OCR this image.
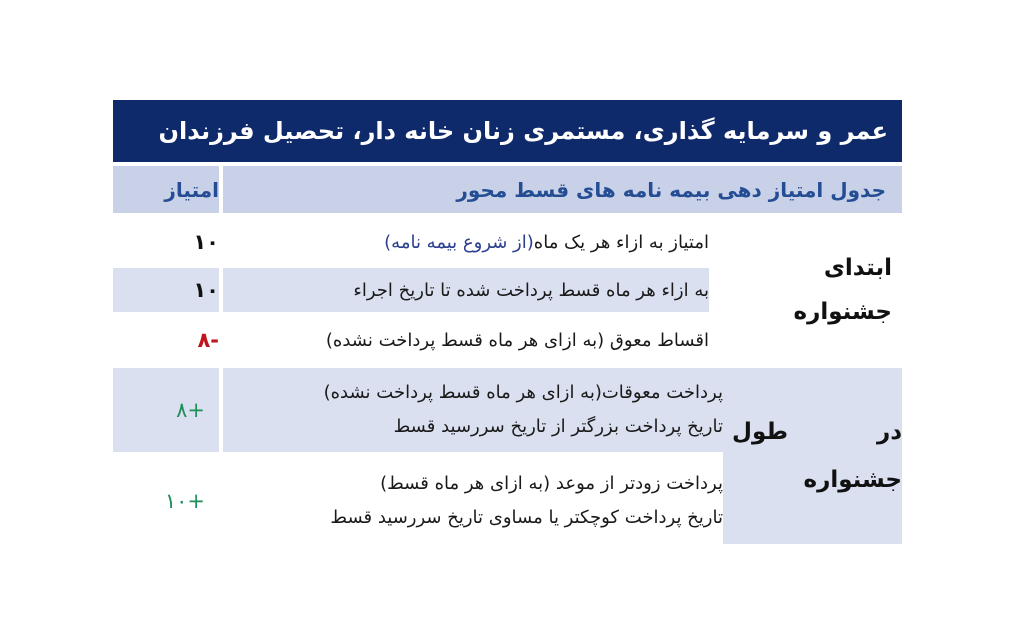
عمر و سرمایه گذاری، مستمری زنان خانه دار، تحصیل فرزندان
جدول امتیاز دهی بیمه نامه های قسط محور
امتیاز
ابتدای
جشنواره
امتیاز به ازاء هر یک ماه
(از شروع بیمه نامه)
۱۰
به ازاء هر ماه قسط پرداخت شده تا تاریخ اجراء
۱۰
اقساط معوق (به ازای هر ماه قسط پرداخت نشده)
-۸
در
طول
جشنواره
پرداخت معوقات(به ازای هر ماه قسط پرداخت نشده)
تاریخ پرداخت بزرگتر از تاریخ سررسید قسط
+۸
پرداخت زودتر از موعد (به ازای هر ماه قسط)
تاریخ پرداخت کوچکتر یا مساوی تاریخ سررسید قسط
+۱۰
